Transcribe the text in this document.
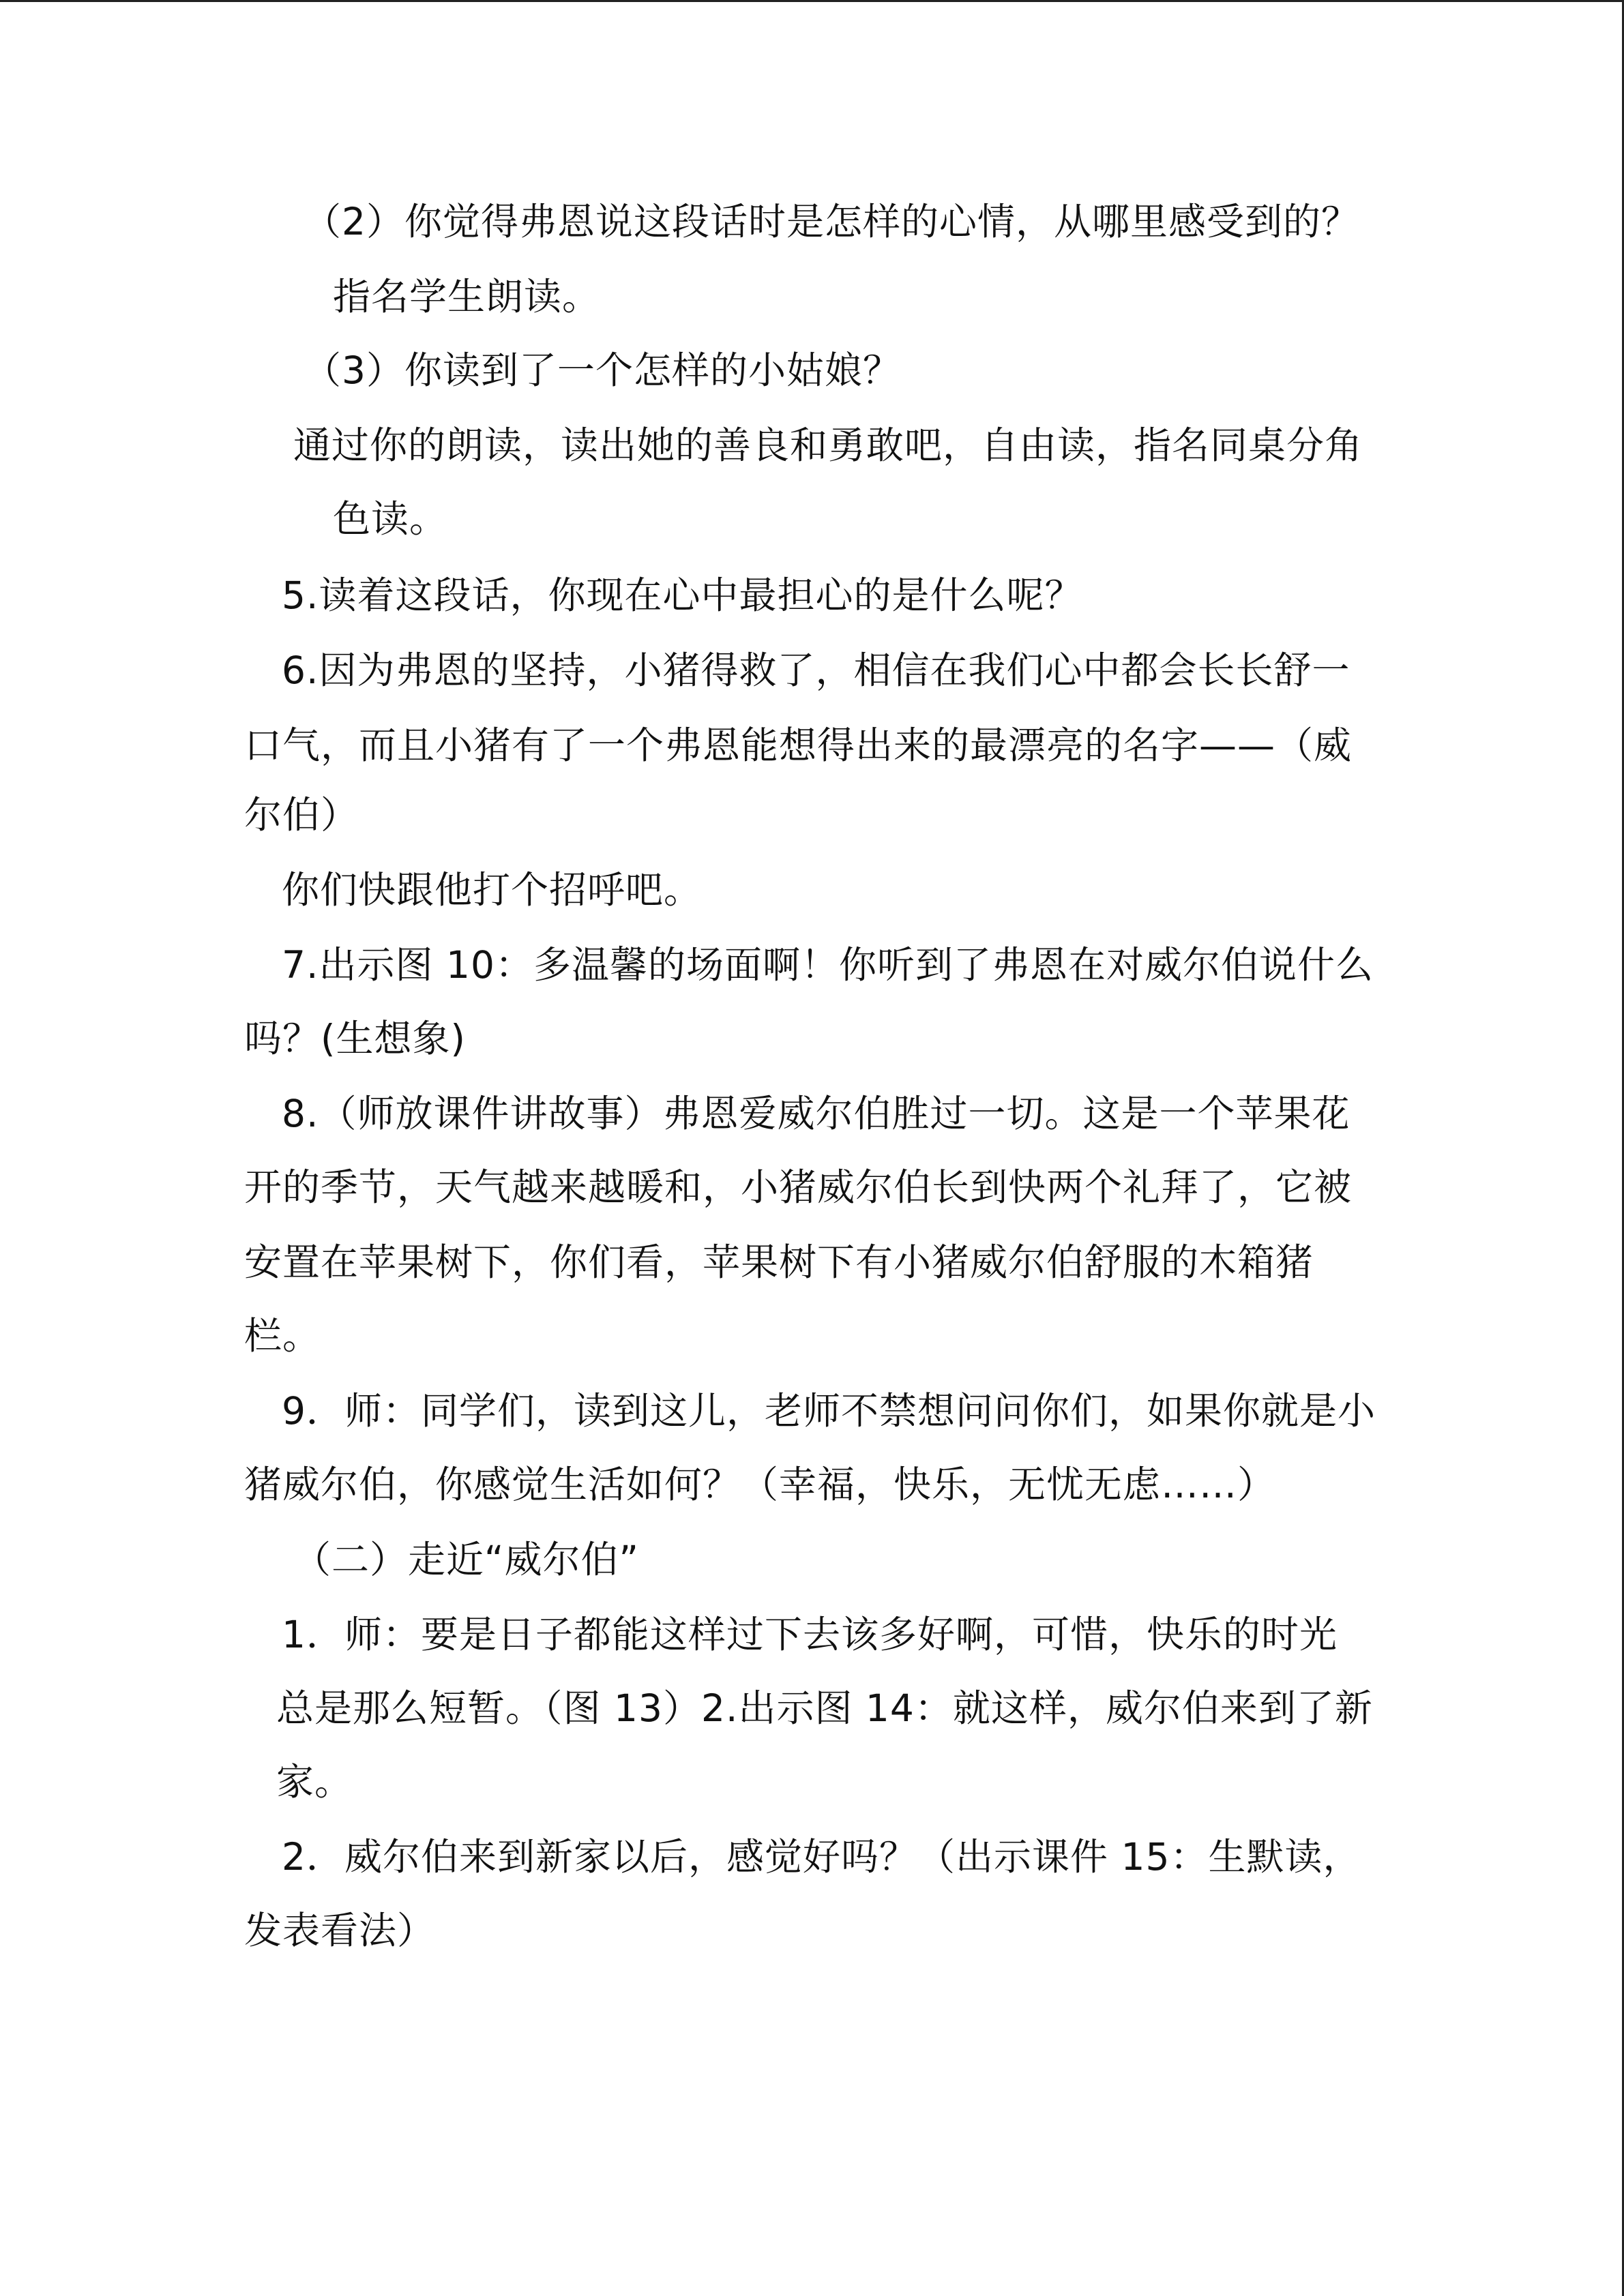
（2）你觉得弗恩说这段话时是怎样的心情，从哪里感受到的？
指名学生朗读。
（3）你读到了一个怎样的小姑娘？
通过你的朗读，读出她的善良和勇敢吧，自由读，指名同桌分角
色读。
5.读着这段话，你现在心中最担心的是什么呢？
6.因为弗恩的坚持，小猪得救了，相信在我们心中都会长长舒一
口气，而且小猪有了一个弗恩能想得出来的最漂亮的名字——（威
尔伯）
你们快跟他打个招呼吧。
7.出示图 10：多温馨的场面啊！你听到了弗恩在对威尔伯说什么
吗？(生想象)
8.（师放课件讲故事）弗恩爱威尔伯胜过一切。这是一个苹果花
开的季节，天气越来越暖和，小猪威尔伯长到快两个礼拜了，它被
安置在苹果树下，你们看，苹果树下有小猪威尔伯舒服的木箱猪
栏。
9．师：同学们，读到这儿，老师不禁想问问你们，如果你就是小
猪威尔伯，你感觉生活如何？（幸福，快乐，无忧无虑……）
（二）走近“威尔伯”
1．师：要是日子都能这样过下去该多好啊，可惜，快乐的时光
总是那么短暂。（图 13）2.出示图 14：就这样，威尔伯来到了新
家。
2．威尔伯来到新家以后，感觉好吗？（出示课件 15：生默读，
发表看法）
